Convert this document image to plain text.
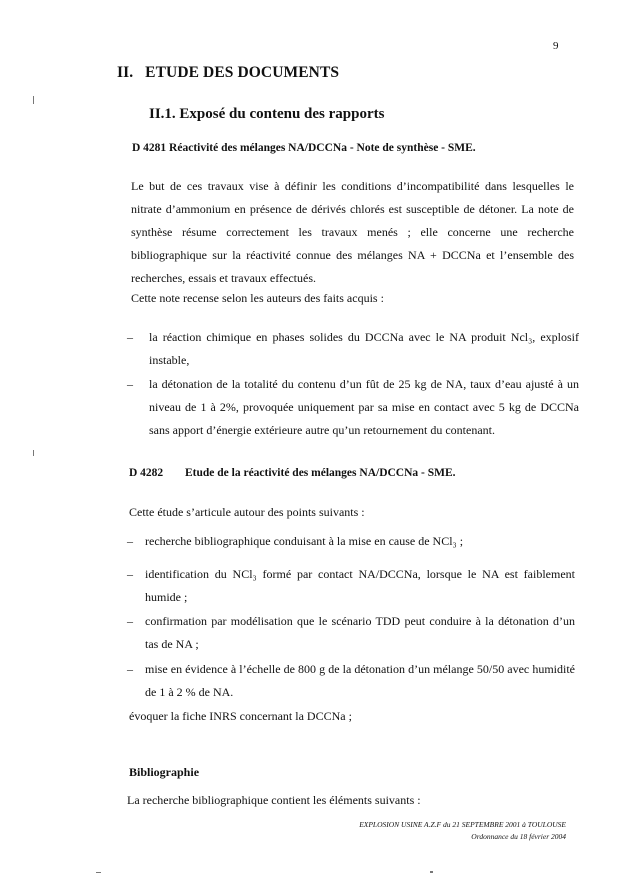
9
II.   ETUDE DES DOCUMENTS
II.1. Exposé du contenu des rapports
D 4281 Réactivité des mélanges NA/DCCNa - Note de synthèse - SME.
Le but de ces travaux vise à définir les conditions d’incompatibilité dans lesquelles le nitrate d’ammonium en présence de dérivés chlorés est susceptible de détoner. La note de synthèse résume correctement les travaux menés ; elle concerne une recherche bibliographique sur la réactivité connue des mélanges NA + DCCNa et l’ensemble des recherches, essais et travaux effectués.
Cette note recense selon les auteurs des faits acquis :
– la réaction chimique en phases solides du DCCNa avec le NA produit Ncl₃, explosif instable,
– la détonation de la totalité du contenu d’un fût de 25 kg de NA, taux d’eau ajusté à un niveau de 1 à 2%, provoquée uniquement par sa mise en contact avec 5 kg de DCCNa sans apport d’énergie extérieure autre qu’un retournement du contenant.
D 4282 Etude de la réactivité des mélanges NA/DCCNa - SME.
Cette étude s’articule autour des points suivants :
– recherche bibliographique conduisant à la mise en cause de NCl₃ ;
– identification du NCl₃ formé par contact NA/DCCNa, lorsque le NA est faiblement humide ;
– confirmation par modélisation que le scénario TDD peut conduire à la détonation d’un tas de NA ;
– mise en évidence à l’échelle de 800 g de la détonation d’un mélange 50/50 avec humidité de 1 à 2 % de NA.
évoquer la fiche INRS concernant la DCCNa ;
Bibliographie
La recherche bibliographique contient les éléments suivants :
EXPLOSION USINE A.Z.F du 21 SEPTEMBRE 2001 à TOULOUSE
Ordonnance du 18 février 2004
